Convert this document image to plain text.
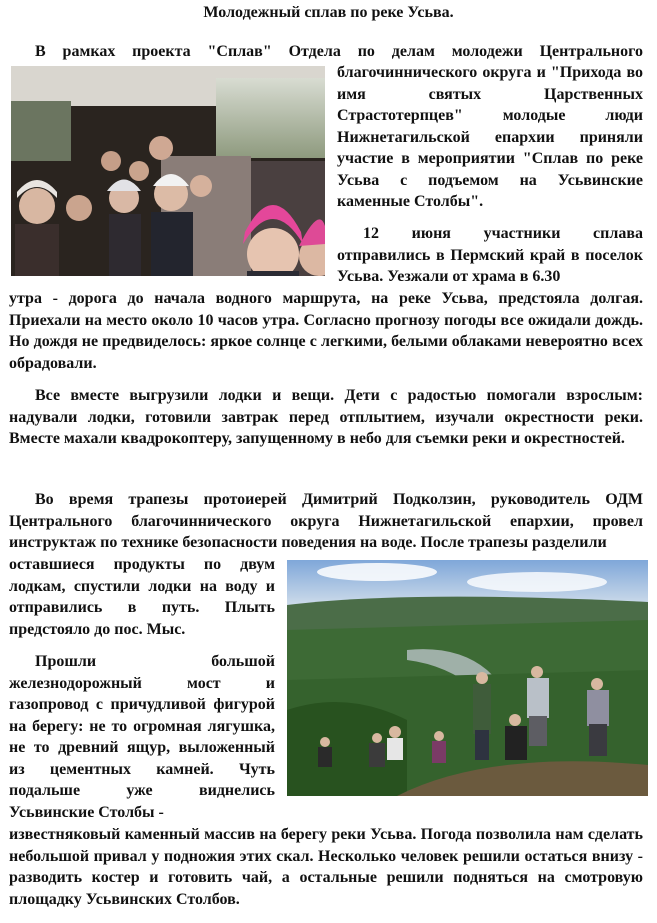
Молодежный сплав по реке Усьва.
В рамках проекта "Сплав" Отдела по делам молодежи Центрального
благочиннического округа и "Прихода во имя святых Царственных Страстотерпцев" молодые люди Нижнетагильской епархии приняли участие в мероприятии "Сплав по реке Усьва с подъемом на Усьвинские каменные Столбы".
12 июня участники сплава отправились в Пермский край в поселок Усьва. Уезжали от храма в 6.30
утра - дорога до начала водного маршрута, на реке Усьва, предстояла долгая. Приехали на место около 10 часов утра. Согласно прогнозу погоды все ожидали дождь. Но дождя не предвиделось: яркое солнце с легкими, белыми облаками невероятно всех обрадовали.
Все вместе выгрузили лодки и вещи. Дети с радостью помогали взрослым: надували лодки, готовили завтрак перед отплытием, изучали окрестности реки. Вместе махали квадрокоптеру, запущенному в небо для съемки реки и окрестностей.
Во время трапезы протоиерей Димитрий Подколзин, руководитель ОДМ Центрального благочиннического округа Нижнетагильской епархии, провел инструктаж по технике безопасности поведения на воде. После трапезы разделили
оставшиеся продукты по двум лодкам, спустили лодки на воду и отправились в путь. Плыть предстояло до пос. Мыс.
Прошли большой железнодорожный мост и газопровод с причудливой фигурой на берегу: не то огромная лягушка, не то древний ящур, выложенный из цементных камней. Чуть подальше уже виднелись Усьвинские Столбы -
известняковый каменный массив на берегу реки Усьва. Погода позволила нам сделать небольшой привал у подножия этих скал. Несколько человек решили остаться внизу - разводить костер и готовить чай, а остальные решили подняться на смотровую площадку Усьвинских Столбов.
